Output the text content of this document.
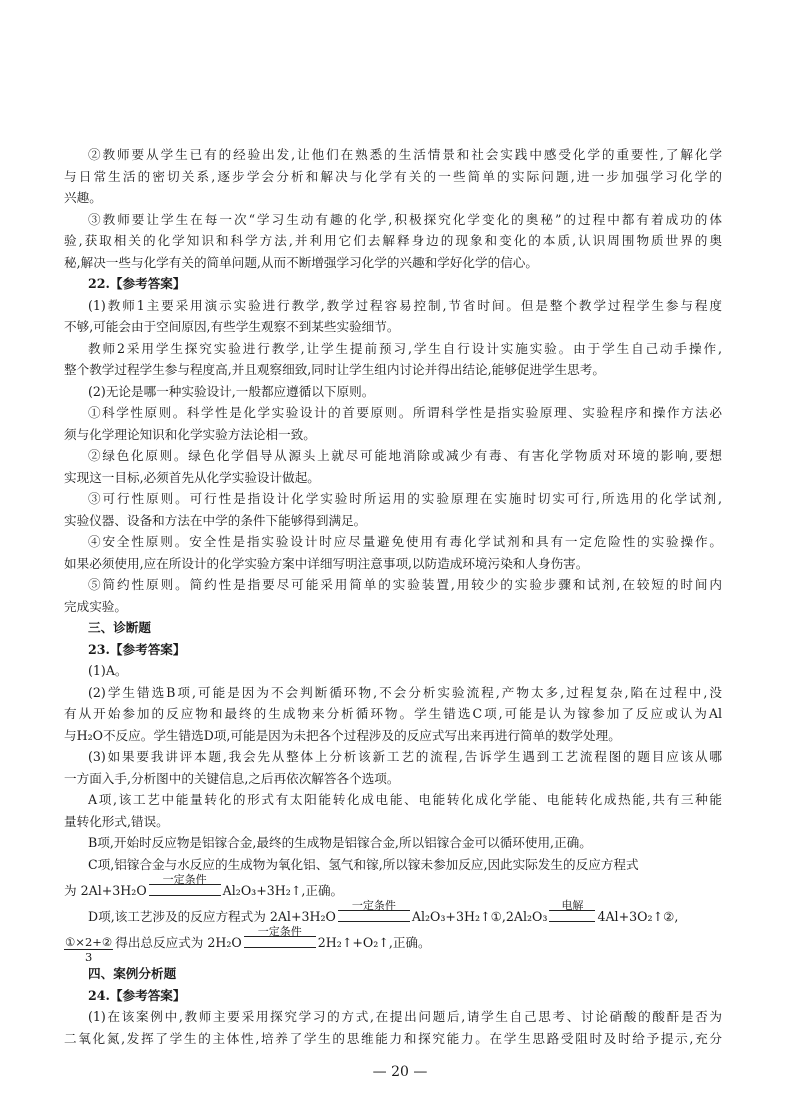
②教师要从学生已有的经验出发,让他们在熟悉的生活情景和社会实践中感受化学的重要性,了解化学
与日常生活的密切关系,逐步学会分析和解决与化学有关的一些简单的实际问题,进一步加强学习化学的
兴趣。
③教师要让学生在每一次“学习生动有趣的化学,积极探究化学变化的奥秘”的过程中都有着成功的体
验,获取相关的化学知识和科学方法,并利用它们去解释身边的现象和变化的本质,认识周围物质世界的奥
秘,解决一些与化学有关的简单问题,从而不断增强学习化学的兴趣和学好化学的信心。
22.【参考答案】
(1)教师1主要采用演示实验进行教学,教学过程容易控制,节省时间。但是整个教学过程学生参与程度
不够,可能会由于空间原因,有些学生观察不到某些实验细节。
教师2采用学生探究实验进行教学,让学生提前预习,学生自行设计实施实验。由于学生自己动手操作,
整个教学过程学生参与程度高,并且观察细致,同时让学生组内讨论并得出结论,能够促进学生思考。
(2)无论是哪一种实验设计,一般都应遵循以下原则。
①科学性原则。科学性是化学实验设计的首要原则。所谓科学性是指实验原理、实验程序和操作方法必
须与化学理论知识和化学实验方法论相一致。
②绿色化原则。绿色化学倡导从源头上就尽可能地消除或减少有毒、有害化学物质对环境的影响,要想
实现这一目标,必须首先从化学实验设计做起。
③可行性原则。可行性是指设计化学实验时所运用的实验原理在实施时切实可行,所选用的化学试剂,
实验仪器、设备和方法在中学的条件下能够得到满足。
④安全性原则。安全性是指实验设计时应尽量避免使用有毒化学试剂和具有一定危险性的实验操作。
如果必须使用,应在所设计的化学实验方案中详细写明注意事项,以防造成环境污染和人身伤害。
⑤简约性原则。简约性是指要尽可能采用简单的实验装置,用较少的实验步骤和试剂,在较短的时间内
完成实验。
三、诊断题
23.【参考答案】
(1)A。
(2)学生错选B项,可能是因为不会判断循环物,不会分析实验流程,产物太多,过程复杂,陷在过程中,没
有从开始参加的反应物和最终的生成物来分析循环物。学生错选C项,可能是认为镓参加了反应或认为Al
与H₂O不反应。学生错选D项,可能是因为未把各个过程涉及的反应式写出来再进行简单的数学处理。
(3)如果要我讲评本题,我会先从整体上分析该新工艺的流程,告诉学生遇到工艺流程图的题目应该从哪
一方面入手,分析图中的关键信息,之后再依次解答各个选项。
A项,该工艺中能量转化的形式有太阳能转化成电能、电能转化成化学能、电能转化成热能,共有三种能
量转化形式,错误。
B项,开始时反应物是铝镓合金,最终的生成物是铝镓合金,所以铝镓合金可以循环使用,正确。
C项,铝镓合金与水反应的生成物为氧化铝、氢气和镓,所以镓未参加反应,因此实际发生的反应方程式
为 2Al+3H₂O
一定条件
Al₂O₃+3H₂↑,正确。
D项,该工艺涉及的反应方程式为 2Al+3H₂O
一定条件
Al₂O₃+3H₂↑①,2Al₂O₃
电解
4Al+3O₂↑②,
$\frac{\text{①×2+②}}{3}$ 得出总反应式为 2H₂O
一定条件
2H₂↑+O₂↑,正确。
四、案例分析题
24.【参考答案】
(1)在该案例中,教师主要采用探究学习的方式,在提出问题后,请学生自己思考、讨论硝酸的酸酐是否为
二氧化氮,发挥了学生的主体性,培养了学生的思维能力和探究能力。在学生思路受阻时及时给予提示,充分
— 20 —
